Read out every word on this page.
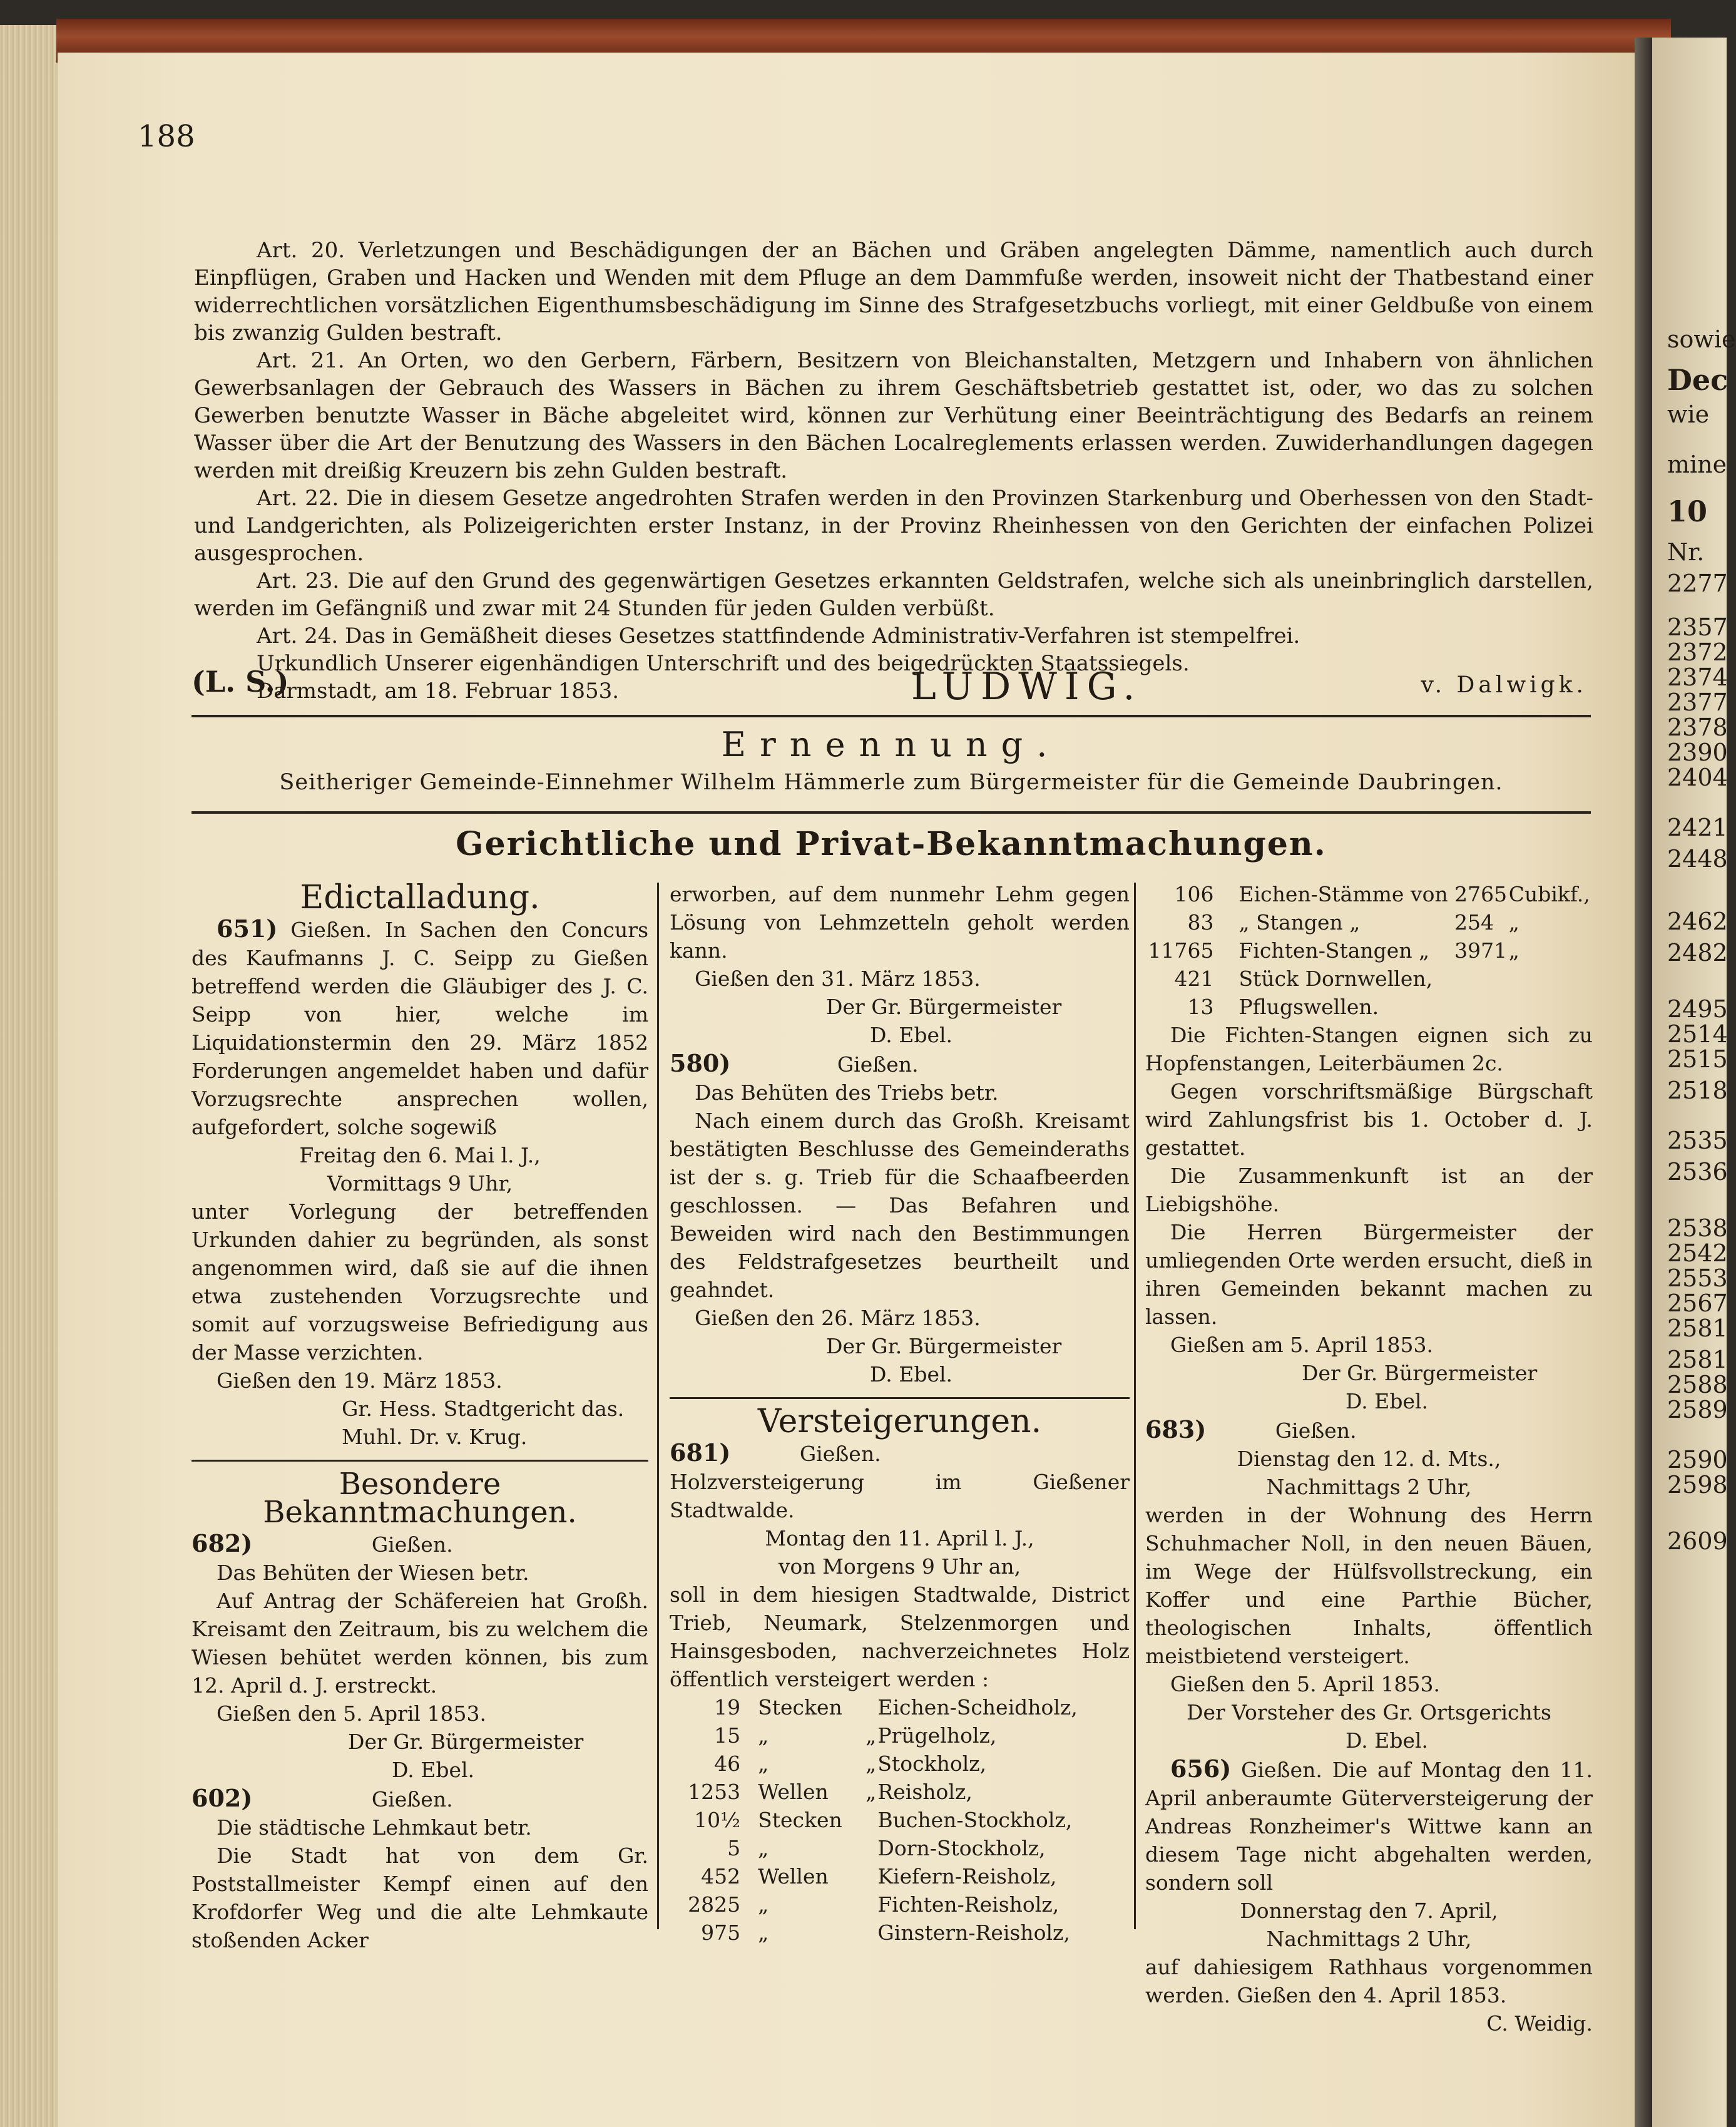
sowie
Dec
wie
mine
10
Nr.
2277
2357
2372
2374
2377
2378
2390
2404
2421
2448
2462
2482
2495
2514
2515
2518
2535
2536
2538
2542
2553
2567
2581
2581
2588
2589
2590
2598
2609
188

Art. 20. Verletzungen und Beschädigungen der an Bächen und Gräben angelegten Dämme, namentlich auch durch Einpflügen, Graben und Hacken und Wenden mit dem Pfluge an dem Dammfuße werden, insoweit nicht der Thatbestand einer widerrechtlichen vorsätzlichen Eigenthumsbeschädigung im Sinne des Strafgesetzbuchs vorliegt, mit einer Geldbuße von einem bis zwanzig Gulden bestraft.

Art. 21. An Orten, wo den Gerbern, Färbern, Besitzern von Bleichanstalten, Metzgern und Inhabern von ähnlichen Gewerbsanlagen der Gebrauch des Wassers in Bächen zu ihrem Geschäftsbetrieb gestattet ist, oder, wo das zu solchen Gewerben benutzte Wasser in Bäche abgeleitet wird, können zur Verhütung einer Beeinträchtigung des Bedarfs an reinem Wasser über die Art der Benutzung des Wassers in den Bächen Localreglements erlassen werden. Zuwiderhandlungen dagegen werden mit dreißig Kreuzern bis zehn Gulden bestraft.

Art. 22. Die in diesem Gesetze angedrohten Strafen werden in den Provinzen Starkenburg und Oberhessen von den Stadt- und Landgerichten, als Polizeigerichten erster Instanz, in der Provinz Rheinhessen von den Gerichten der einfachen Polizei ausgesprochen.

Art. 23. Die auf den Grund des gegenwärtigen Gesetzes erkannten Geldstrafen, welche sich als uneinbringlich darstellen, werden im Gefängniß und zwar mit 24 Stunden für jeden Gulden verbüßt.

Art. 24. Das in Gemäßheit dieses Gesetzes stattfindende Administrativ-Verfahren ist stempelfrei.

Urkundlich Unserer eigenhändigen Unterschrift und des beigedrückten Staatssiegels.

Darmstadt, am 18. Februar 1853.

(L. S.)	LUDWIG.	v. Dalwigk.
Ernennung.
Seitheriger Gemeinde-Einnehmer Wilhelm Hämmerle zum Bürgermeister für die Gemeinde Daubringen.
Gerichtliche und Privat-Bekanntmachungen.
Edictalladung.

651) Gießen. In Sachen den Concurs des Kaufmanns J. C. Seipp zu Gießen betreffend werden die Gläubiger des J. C. Seipp von hier, welche im Liquidationstermin den 29. März 1852 Forderungen angemeldet haben und dafür Vorzugsrechte ansprechen wollen, aufgefordert, solche sogewiß

Freitag den 6. Mai l. J.,

Vormittags 9 Uhr,

unter Vorlegung der betreffenden Urkunden dahier zu begründen, als sonst angenommen wird, daß sie auf die ihnen etwa zustehenden Vorzugsrechte und somit auf vorzugsweise Befriedigung aus der Masse verzichten.

Gießen den 19. März 1853.

Gr. Hess. Stadtgericht das.

Muhl. Dr. v. Krug.

Besondere Bekanntmachungen.

682)	Gießen.

Das Behüten der Wiesen betr.

Auf Antrag der Schäfereien hat Großh. Kreisamt den Zeitraum, bis zu welchem die Wiesen behütet werden können, bis zum 12. April d. J. erstreckt.

Gießen den 5. April 1853.

Der Gr. Bürgermeister

D. Ebel.

602)	Gießen.

Die städtische Lehmkaut betr.

Die Stadt hat von dem Gr. Poststallmeister Kempf einen auf den Krofdorfer Weg und die alte Lehmkaute stoßenden Acker

erworben, auf dem nunmehr Lehm gegen Lösung von Lehmzetteln geholt werden kann.

Gießen den 31. März 1853.

Der Gr. Bürgermeister

D. Ebel.

580)	Gießen.

Das Behüten des Triebs betr.

Nach einem durch das Großh. Kreisamt bestätigten Beschlusse des Gemeinderaths ist der s. g. Trieb für die Schaafbeerden geschlossen. — Das Befahren und Beweiden wird nach den Bestimmungen des Feldstrafgesetzes beurtheilt und geahndet.

Gießen den 26. März 1853.

Der Gr. Bürgermeister

D. Ebel.

Versteigerungen.

681)	Gießen.

Holzversteigerung im Gießener Stadtwalde.

Montag den 11. April l. J.,

von Morgens 9 Uhr an,

soll in dem hiesigen Stadtwalde, District Trieb, Neumark, Stelzenmorgen und Hainsgesboden, nachverzeichnetes Holz öffentlich versteigert werden :

19	Stecken		Eichen-Scheidholz,
15	„	„	Prügelholz,
46	„	„	Stockholz,
1253	Wellen	„	Reisholz,
10½	Stecken		Buchen-Stockholz,
5	„		Dorn-Stockholz,
452	Wellen		Kiefern-Reisholz,
2825	„		Fichten-Reisholz,
975	„		Ginstern-Reisholz,
106	Eichen-Stämme von	2765	Cubikf.,
83	„ Stangen „	254	„
11765	Fichten-Stangen „	3971	„
421	Stück Dornwellen,		
13	Pflugswellen.		

Die Fichten-Stangen eignen sich zu Hopfenstangen, Leiterbäumen 2c.

Gegen vorschriftsmäßige Bürgschaft wird Zahlungsfrist bis 1. October d. J. gestattet.

Die Zusammenkunft ist an der Liebigshöhe.

Die Herren Bürgermeister der umliegenden Orte werden ersucht, dieß in ihren Gemeinden bekannt machen zu lassen.

Gießen am 5. April 1853.

Der Gr. Bürgermeister

D. Ebel.

683)	Gießen.

Dienstag den 12. d. Mts.,

Nachmittags 2 Uhr,

werden in der Wohnung des Herrn Schuhmacher Noll, in den neuen Bäuen, im Wege der Hülfsvollstreckung, ein Koffer und eine Parthie Bücher, theologischen Inhalts, öffentlich meistbietend versteigert.

Gießen den 5. April 1853.

Der Vorsteher des Gr. Ortsgerichts

D. Ebel.

656) Gießen. Die auf Montag den 11. April anberaumte Güterversteigerung der Andreas Ronzheimer's Wittwe kann an diesem Tage nicht abgehalten werden, sondern soll

Donnerstag den 7. April,

Nachmittags 2 Uhr,

auf dahiesigem Rathhaus vorgenommen werden. Gießen den 4. April 1853.

C. Weidig.
